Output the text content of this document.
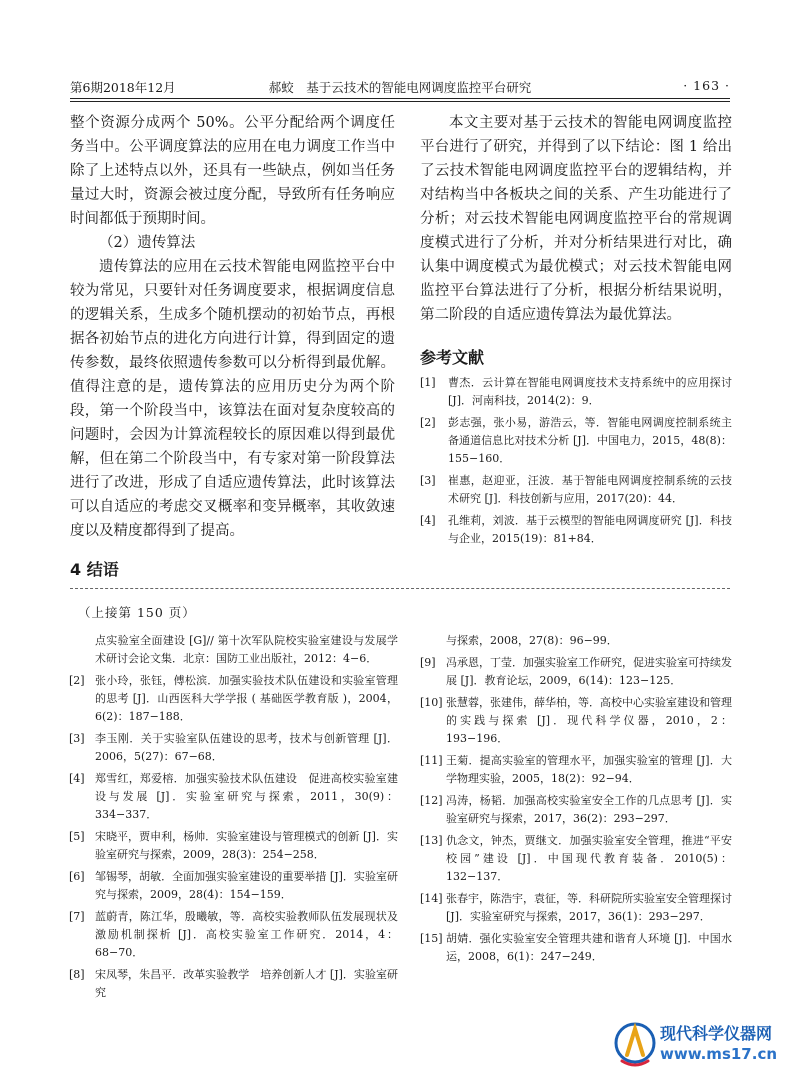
第6期2018年12月	郝蛟　基于云技术的智能电网调度监控平台研究	· 163 ·

整个资源分成两个 50%。公平分配给两个调度任务当中。公平调度算法的应用在电力调度工作当中除了上述特点以外，还具有一些缺点，例如当任务量过大时，资源会被过度分配，导致所有任务响应时间都低于预期时间。

（2）遗传算法

遗传算法的应用在云技术智能电网监控平台中较为常见，只要针对任务调度要求，根据调度信息的逻辑关系，生成多个随机摆动的初始节点，再根据各初始节点的进化方向进行计算，得到固定的遗传参数，最终依照遗传参数可以分析得到最优解。值得注意的是，遗传算法的应用历史分为两个阶段，第一个阶段当中，该算法在面对复杂度较高的问题时，会因为计算流程较长的原因难以得到最优解，但在第二个阶段当中，有专家对第一阶段算法进行了改进，形成了自适应遗传算法，此时该算法可以自适应的考虑交叉概率和变异概率，其收敛速度以及精度都得到了提高。

4 结语

本文主要对基于云技术的智能电网调度监控平台进行了研究，并得到了以下结论：图 1 给出了云技术智能电网调度监控平台的逻辑结构，并对结构当中各板块之间的关系、产生功能进行了分析；对云技术智能电网调度监控平台的常规调度模式进行了分析，并对分析结果进行对比，确认集中调度模式为最优模式；对云技术智能电网监控平台算法进行了分析，根据分析结果说明，第二阶段的自适应遗传算法为最优算法。

参考文献

[1]	曹杰．云计算在智能电网调度技术支持系统中的应用探讨 [J]．河南科技，2014(2)：9．
[2]	彭志强，张小易，游浩云，等．智能电网调度控制系统主备通道信息比对技术分析 [J]．中国电力，2015，48(8)：155−160．
[3]	崔惠，赵迎亚，汪波．基于智能电网调度控制系统的云技术研究 [J]．科技创新与应用，2017(20)：44．
[4]	孔维莉，刘波．基于云模型的智能电网调度研究 [J]．科技与企业，2015(19)：81+84．
（上接第 150 页）
点实验室全面建设 [G]// 第十次军队院校实验室建设与发展学术研讨会论文集．北京：国防工业出版社，2012：4−6．
[2] 张小玲，张钰，傅松滨．加强实验技术队伍建设和实验室管理的思考 [J]．山西医科大学学报 ( 基础医学教育版 )，2004，6(2)：187−188．
[3] 李玉刚．关于实验室队伍建设的思考，技术与创新管理 [J]．2006，5(27)：67−68．
[4] 郑雪红，郑爱榕．加强实验技术队伍建设　促进高校实验室建设与发展 [J]．实验室研究与探索，2011，30(9)：334−337．
[5] 宋晓平，贾申利，杨帅．实验室建设与管理模式的创新 [J]．实验室研究与探索，2009，28(3)：254−258．
[6] 邹锡琴，胡敏．全面加强实验室建设的重要举措 [J]．实验室研究与探索，2009，28(4)：154−159．
[7] 蓝蔚青，陈江华，殷曦敏，等．高校实验教师队伍发展现状及激励机制探析 [J]．高校实验室工作研究．2014，4：68−70．
[8] 宋凤琴，朱昌平．改革实验教学　培养创新人才 [J]．实验室研究
与探索，2008，27(8)：96−99．
[9] 冯承恩，丁莹．加强实验室工作研究，促进实验室可持续发展 [J]．教育论坛，2009，6(14)：123−125．
[10] 张慧蓉，张建伟，薛华柏，等．高校中心实验室建设和管理的实践与探索 [J]．现代科学仪器，2010，2：193−196．
[11] 王菊．提高实验室的管理水平，加强实验室的管理 [J]．大学物理实验，2005，18(2)：92−94．
[12] 冯涛，杨韬．加强高校实验室安全工作的几点思考 [J]．实验室研究与探索，2017，36(2)：293−297．
[13] 仇念文，钟杰，贾继文．加强实验室安全管理，推进“平安校园”建设 [J]．中国现代教育装备．2010(5)：132−137．
[14] 张春宇，陈浩宇，袁征，等．科研院所实验室安全管理探讨 [J]．实验室研究与探索，2017，36(1)：293−297．
[15] 胡婧．强化实验室安全管理共建和谐育人环境 [J]．中国水运，2008，6(1)：247−249．
现代科学仪器网
www.ms17.cn
